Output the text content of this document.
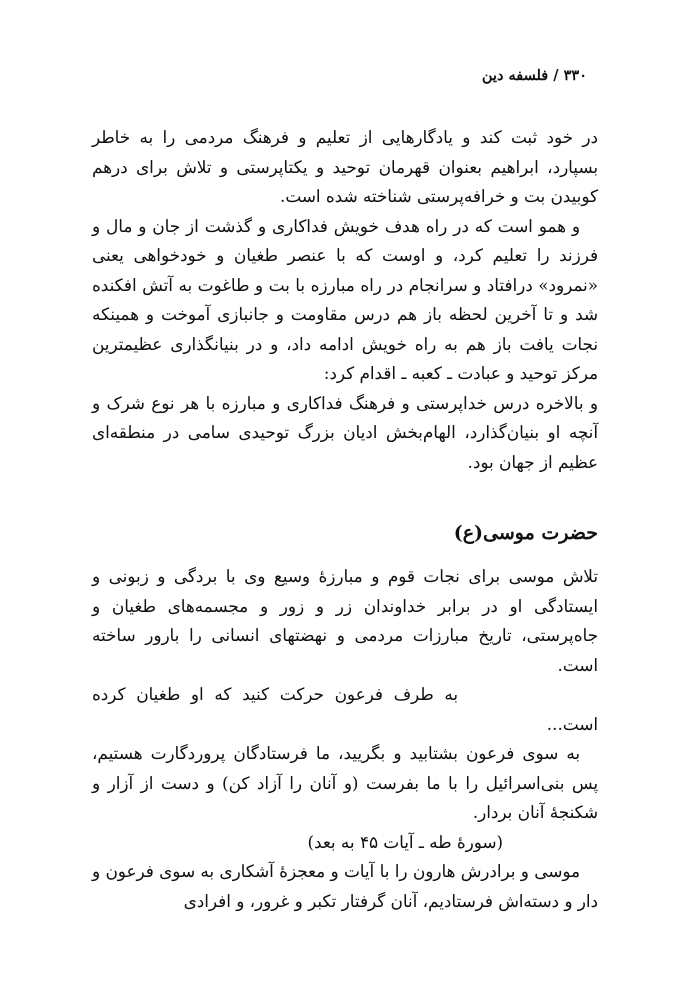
۳۳۰ / فلسفه دین

در خود ثبت کند و یادگارهایی از تعلیم و فرهنگ مردمی را به خاطر بسپارد، ابراهیم بعنوان قهرمان توحید و یکتاپرستی و تلاش برای درهم کوبیدن بت و خرافه‌پرستی شناخته شده است.

و همو است که در راه هدف خویش فداکاری و گذشت از جان و مال و فرزند را تعلیم کرد، و اوست که با عنصر طغیان و خودخواهی یعنی «نمرود» درافتاد و سرانجام در راه مبارزه با بت و طاغوت به آتش افکنده شد و تا آخرین لحظه باز هم درس مقاومت و جانبازی آموخت و همینکه نجات یافت باز هم به راه خویش ادامه داد، و در بنیانگذاری عظیمترین مرکز توحید و عبادت ـ کعبه ـ اقدام کرد:

و بالاخره درس خداپرستی و فرهنگ فداکاری و مبارزه با هر نوع شرک و آنچه او بنیان‌گذارد، الهام‌بخش ادیان بزرگ توحیدی سامی در منطقه‌ای عظیم از جهان بود.

حضرت موسی(ع)

تلاش موسی برای نجات قوم و مبارزهٔ وسیع وی با بردگی و زبونی و ایستادگی او در برابر خداوندان زر و زور و مجسمه‌های طغیان و جاه‌پرستی، تاریخ مبارزات مردمی و نهضتهای انسانی را بارور ساخته است.

به طرف فرعون حرکت کنید که او طغیان کرده است...

به سوی فرعون بشتابید و بگریید، ما فرستادگان پروردگارت هستیم، پس بنی‌اسرائیل را با ما بفرست (و آنان را آزاد کن) و دست از آزار و شکنجهٔ آنان بردار.

(سورهٔ طه ـ آیات ۴۵ به بعد)

موسی و برادرش هارون را با آیات و معجزهٔ آشکاری به سوی فرعون و دار و دسته‌اش فرستادیم، آنان گرفتار تکبر و غرور، و افرادی
